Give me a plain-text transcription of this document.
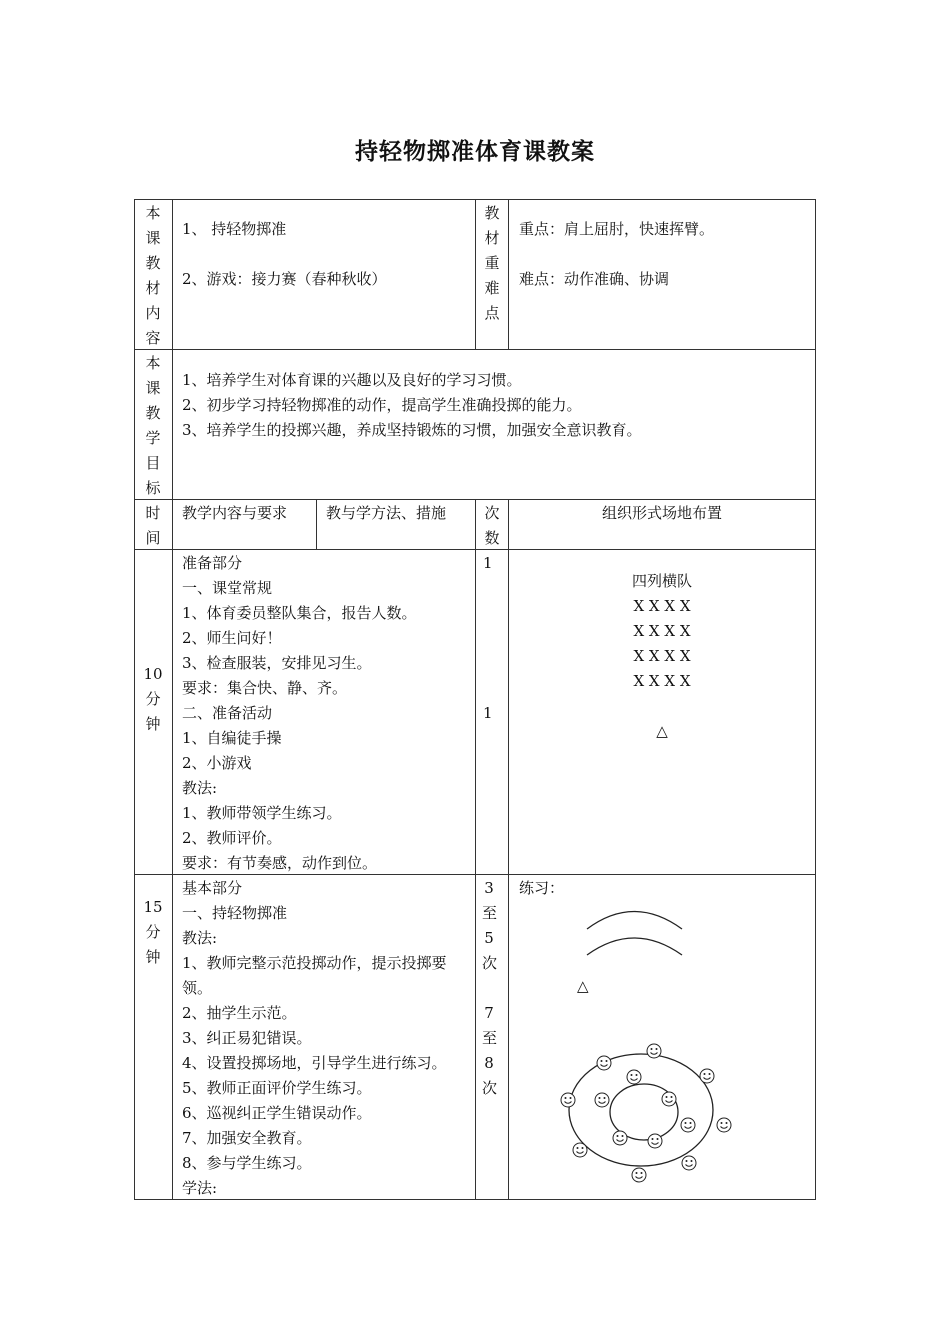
持轻物掷准体育课教案
本课教材内容
1、 持轻物掷准
2、游戏：接力赛（春种秋收）
教材重难点
重点：肩上屈肘，快速挥臂。
难点：动作准确、协调
本课教学目标
1、培养学生对体育课的兴趣以及良好的学习习惯。
2、初步学习持轻物掷准的动作，提高学生准确投掷的能力。
3、培养学生的投掷兴趣，养成坚持锻炼的习惯，加强安全意识教育。
时间
教学内容与要求	教与学方法、措施	次数
组织形式场地布置
10分钟
准备部分
一、课堂常规
1、体育委员整队集合，报告人数。
2、师生问好！
3、检查服装，安排见习生。
要求：集合快、静、齐。
二、准备活动
1、自编徒手操
2、小游戏
教法:
1、教师带领学生练习。
2、教师评价。
要求：有节奏感，动作到位。
1
1
四列横队
X X X X
X X X X
X X X X
X X X X
△
15分钟
基本部分
一、持轻物掷准
教法:
1、教师完整示范投掷动作，提示投掷要
领。
2、抽学生示范。
3、纠正易犯错误。
4、设置投掷场地，引导学生进行练习。
5、教师正面评价学生练习。
6、巡视纠正学生错误动作。
7、加强安全教育。
8、参与学生练习。
学法:
3至5次
7至8次
练习：
△
